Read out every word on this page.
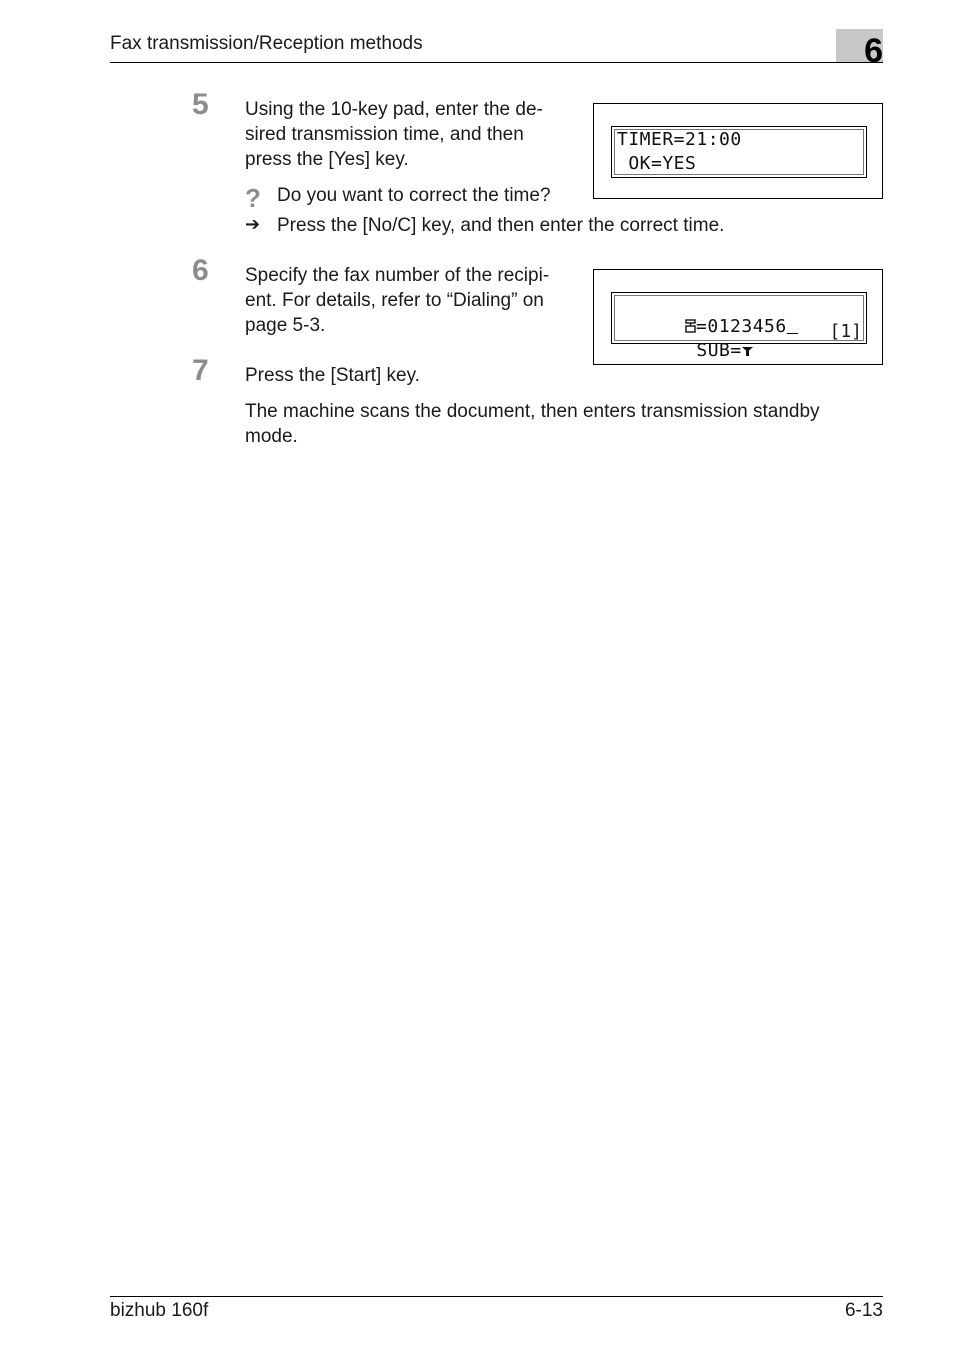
Fax transmission/Reception methods	6
5 Using the 10-key pad, enter the de-
sired transmission time, and then
press the [Yes] key.
? Do you want to correct the time?
➔ Press the [No/C] key, and then enter the correct time.
TIMER=21:00
OK=YES
6 Specify the fax number of the recipi-
ent. For details, refer to “Dialing” on
page 5-3.	=0123456

SUB=

[1]
7 Press the [Start] key.
The machine scans the document, then enters transmission standby
mode.
bizhub 160f	6-13
